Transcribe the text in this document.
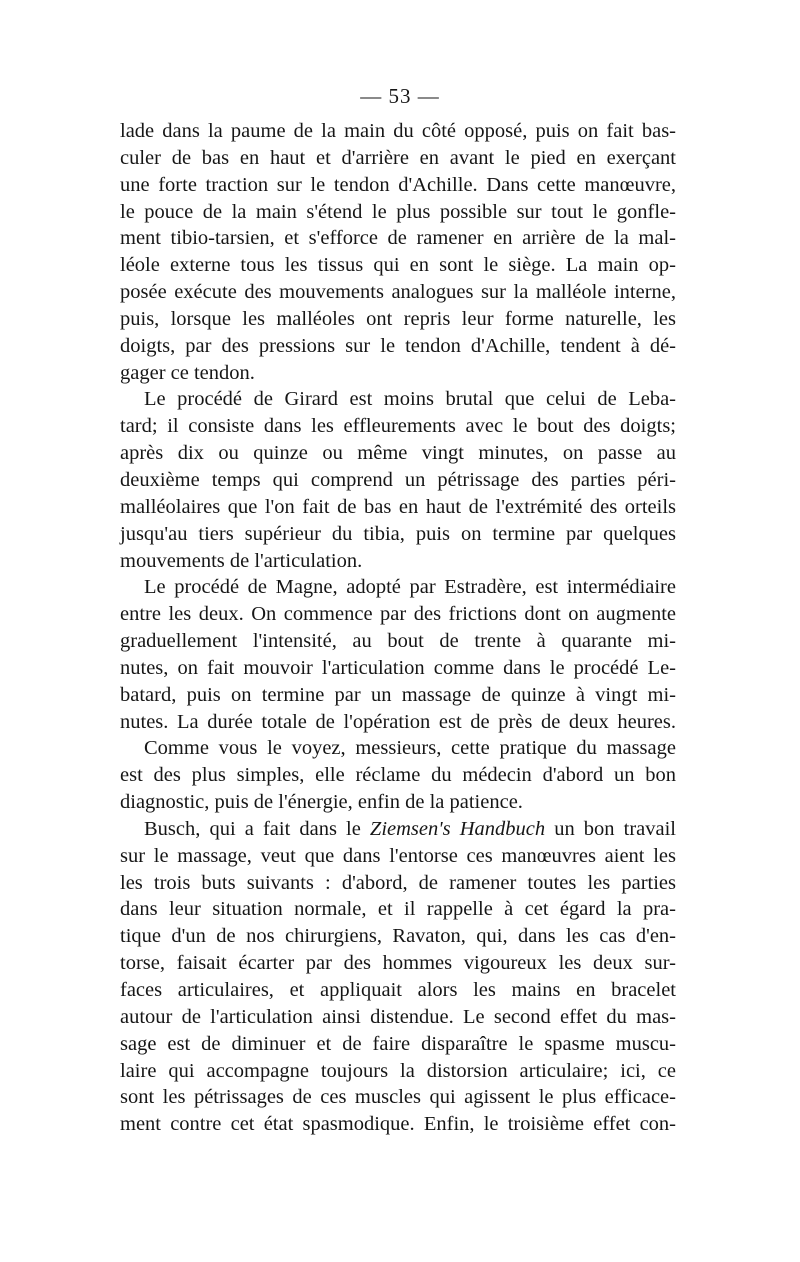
— 53 —
lade dans la paume de la main du côté opposé, puis on fait bas-
culer de bas en haut et d'arrière en avant le pied en exerçant
une forte traction sur le tendon d'Achille. Dans cette manœuvre,
le pouce de la main s'étend le plus possible sur tout le gonfle-
ment tibio-tarsien, et s'efforce de ramener en arrière de la mal-
léole externe tous les tissus qui en sont le siège. La main op-
posée exécute des mouvements analogues sur la malléole interne,
puis, lorsque les malléoles ont repris leur forme naturelle, les
doigts, par des pressions sur le tendon d'Achille, tendent à dé-
gager ce tendon.
Le procédé de Girard est moins brutal que celui de Leba-
tard; il consiste dans les effleurements avec le bout des doigts;
après dix ou quinze ou même vingt minutes, on passe au
deuxième temps qui comprend un pétrissage des parties péri-
malléolaires que l'on fait de bas en haut de l'extrémité des orteils
jusqu'au tiers supérieur du tibia, puis on termine par quelques
mouvements de l'articulation.
Le procédé de Magne, adopté par Estradère, est intermédiaire
entre les deux. On commence par des frictions dont on augmente
graduellement l'intensité, au bout de trente à quarante mi-
nutes, on fait mouvoir l'articulation comme dans le procédé Le-
batard, puis on termine par un massage de quinze à vingt mi-
nutes. La durée totale de l'opération est de près de deux heures.
Comme vous le voyez, messieurs, cette pratique du massage
est des plus simples, elle réclame du médecin d'abord un bon
diagnostic, puis de l'énergie, enfin de la patience.
Busch, qui a fait dans le Ziemsen's Handbuch un bon travail
sur le massage, veut que dans l'entorse ces manœuvres aient les
les trois buts suivants : d'abord, de ramener toutes les parties
dans leur situation normale, et il rappelle à cet égard la pra-
tique d'un de nos chirurgiens, Ravaton, qui, dans les cas d'en-
torse, faisait écarter par des hommes vigoureux les deux sur-
faces articulaires, et appliquait alors les mains en bracelet
autour de l'articulation ainsi distendue. Le second effet du mas-
sage est de diminuer et de faire disparaître le spasme muscu-
laire qui accompagne toujours la distorsion articulaire; ici, ce
sont les pétrissages de ces muscles qui agissent le plus efficace-
ment contre cet état spasmodique. Enfin, le troisième effet con-
